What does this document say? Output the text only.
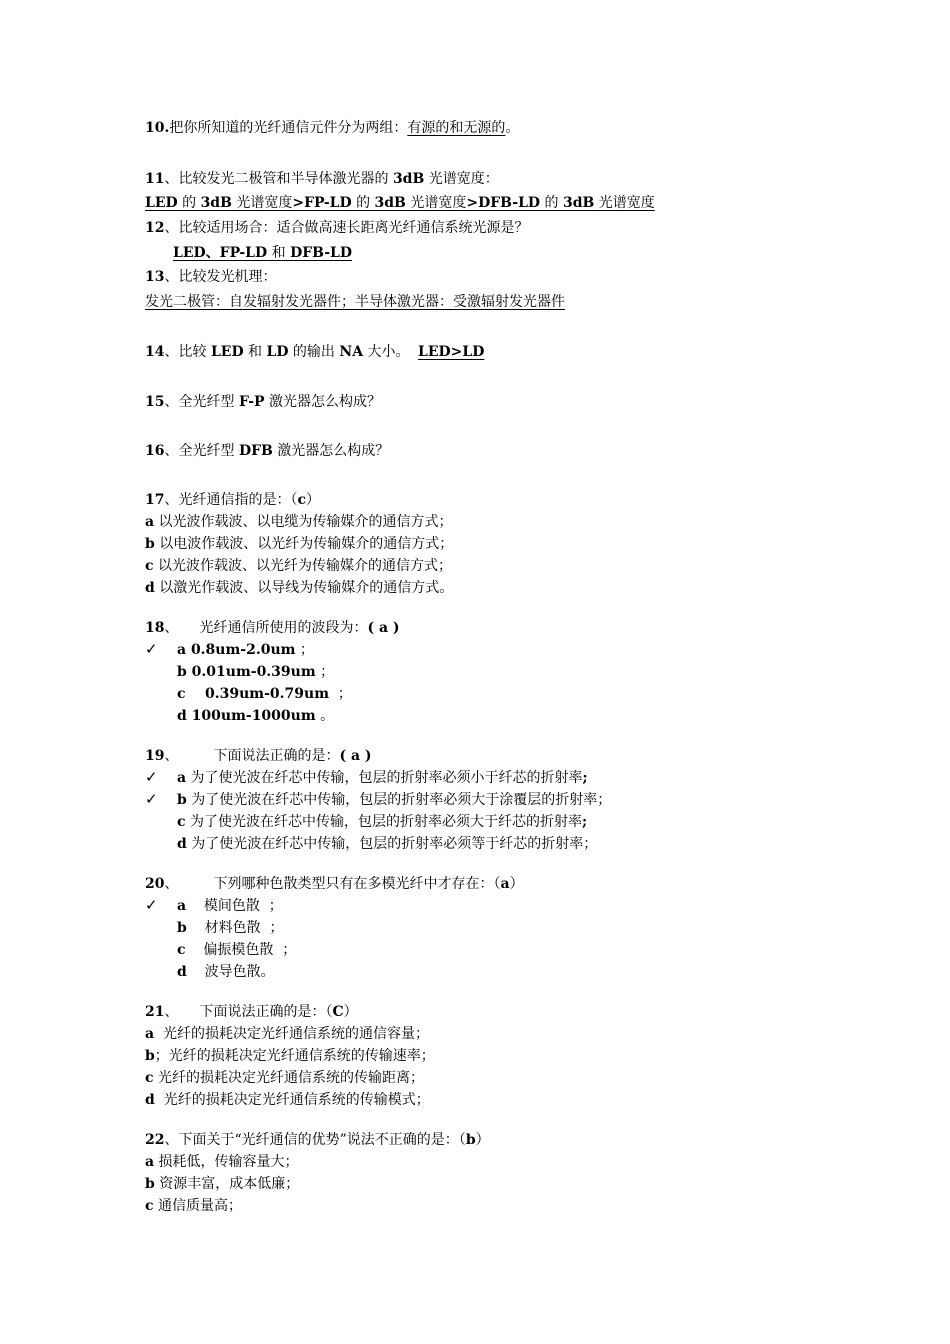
10.把你所知道的光纤通信元件分为两组：有源的和无源的。
11、比较发光二极管和半导体激光器的 3dB 光谱宽度：
LED 的 3dB 光谱宽度>FP-LD 的 3dB 光谱宽度>DFB-LD 的 3dB 光谱宽度
12、比较适用场合：适合做高速长距离光纤通信系统光源是？
LED、FP-LD 和 DFB-LD
13、比较发光机理：
发光二极管：自发辐射发光器件；半导体激光器：受激辐射发光器件
14、比较 LED 和 LD 的输出 NA 大小。 LED>LD
15、全光纤型 F-P 激光器怎么构成？
16、全光纤型 DFB 激光器怎么构成？
17、光纤通信指的是：（c）
a 以光波作载波、以电缆为传输媒介的通信方式；
b 以电波作载波、以光纤为传输媒介的通信方式；
c 以光波作载波、以光纤为传输媒介的通信方式；
d 以激光作载波、以导线为传输媒介的通信方式。
18、　　光纤通信所使用的波段为：( a )
✓ a 0.8um-2.0um ；
b 0.01um-0.39um ；
c    0.39um-0.79um  ；
d 100um-1000um 。
19、　　　下面说法正确的是：( a )
✓ a 为了使光波在纤芯中传输，包层的折射率必须小于纤芯的折射率;
✓ b 为了使光波在纤芯中传输，包层的折射率必须大于涂覆层的折射率；
c 为了使光波在纤芯中传输，包层的折射率必须大于纤芯的折射率;
d 为了使光波在纤芯中传输，包层的折射率必须等于纤芯的折射率；
20、　　　下列哪种色散类型只有在多模光纤中才存在：（a）
✓ a    模间色散  ；
b    材料色散  ；
c    偏振模色散  ；
d    波导色散。
21、　　下面说法正确的是：（C）
a  光纤的损耗决定光纤通信系统的通信容量；
b；光纤的损耗决定光纤通信系统的传输速率；
c 光纤的损耗决定光纤通信系统的传输距离；
d  光纤的损耗决定光纤通信系统的传输模式；
22、下面关于“光纤通信的优势”说法不正确的是：（b）
a 损耗低，传输容量大；
b 资源丰富，成本低廉；
c 通信质量高；
